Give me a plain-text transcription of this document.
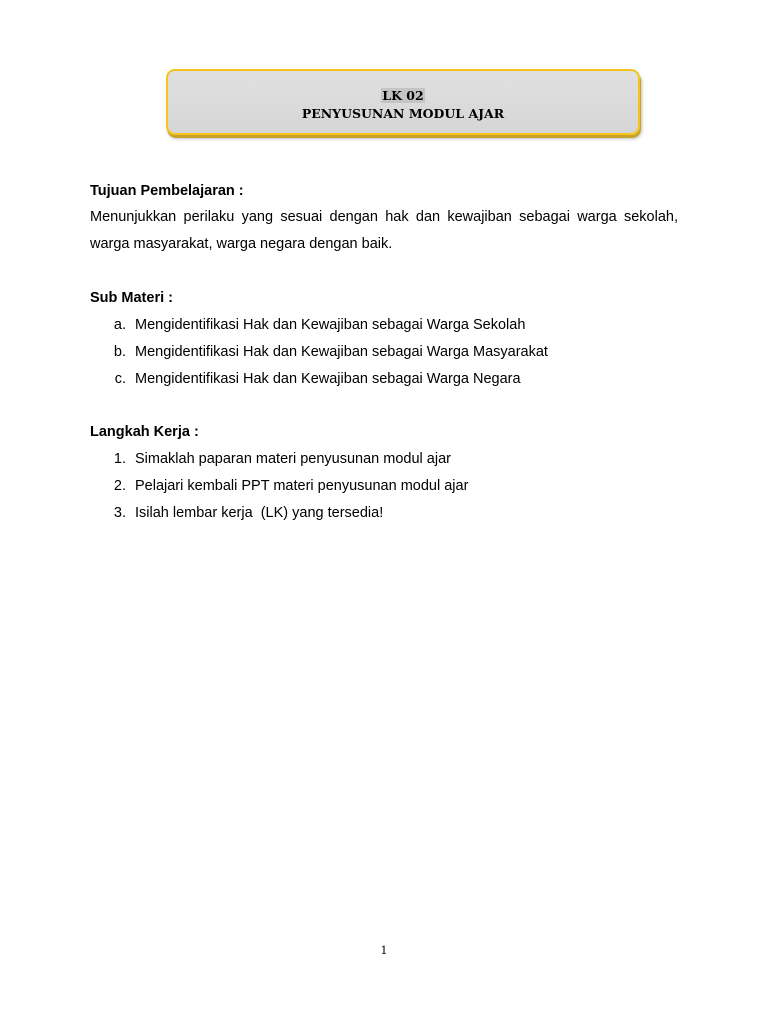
LK 02
PENYUSUNAN MODUL AJAR
Tujuan Pembelajaran :
Menunjukkan perilaku yang sesuai dengan hak dan kewajiban sebagai warga sekolah,
warga masyarakat, warga negara dengan baik.
Sub Materi :
a. Mengidentifikasi Hak dan Kewajiban sebagai Warga Sekolah
b. Mengidentifikasi Hak dan Kewajiban sebagai Warga Masyarakat
c. Mengidentifikasi Hak dan Kewajiban sebagai Warga Negara
Langkah Kerja :
1. Simaklah paparan materi penyusunan modul ajar
2. Pelajari kembali PPT materi penyusunan modul ajar
3. Isilah lembar kerja  (LK) yang tersedia!
1
